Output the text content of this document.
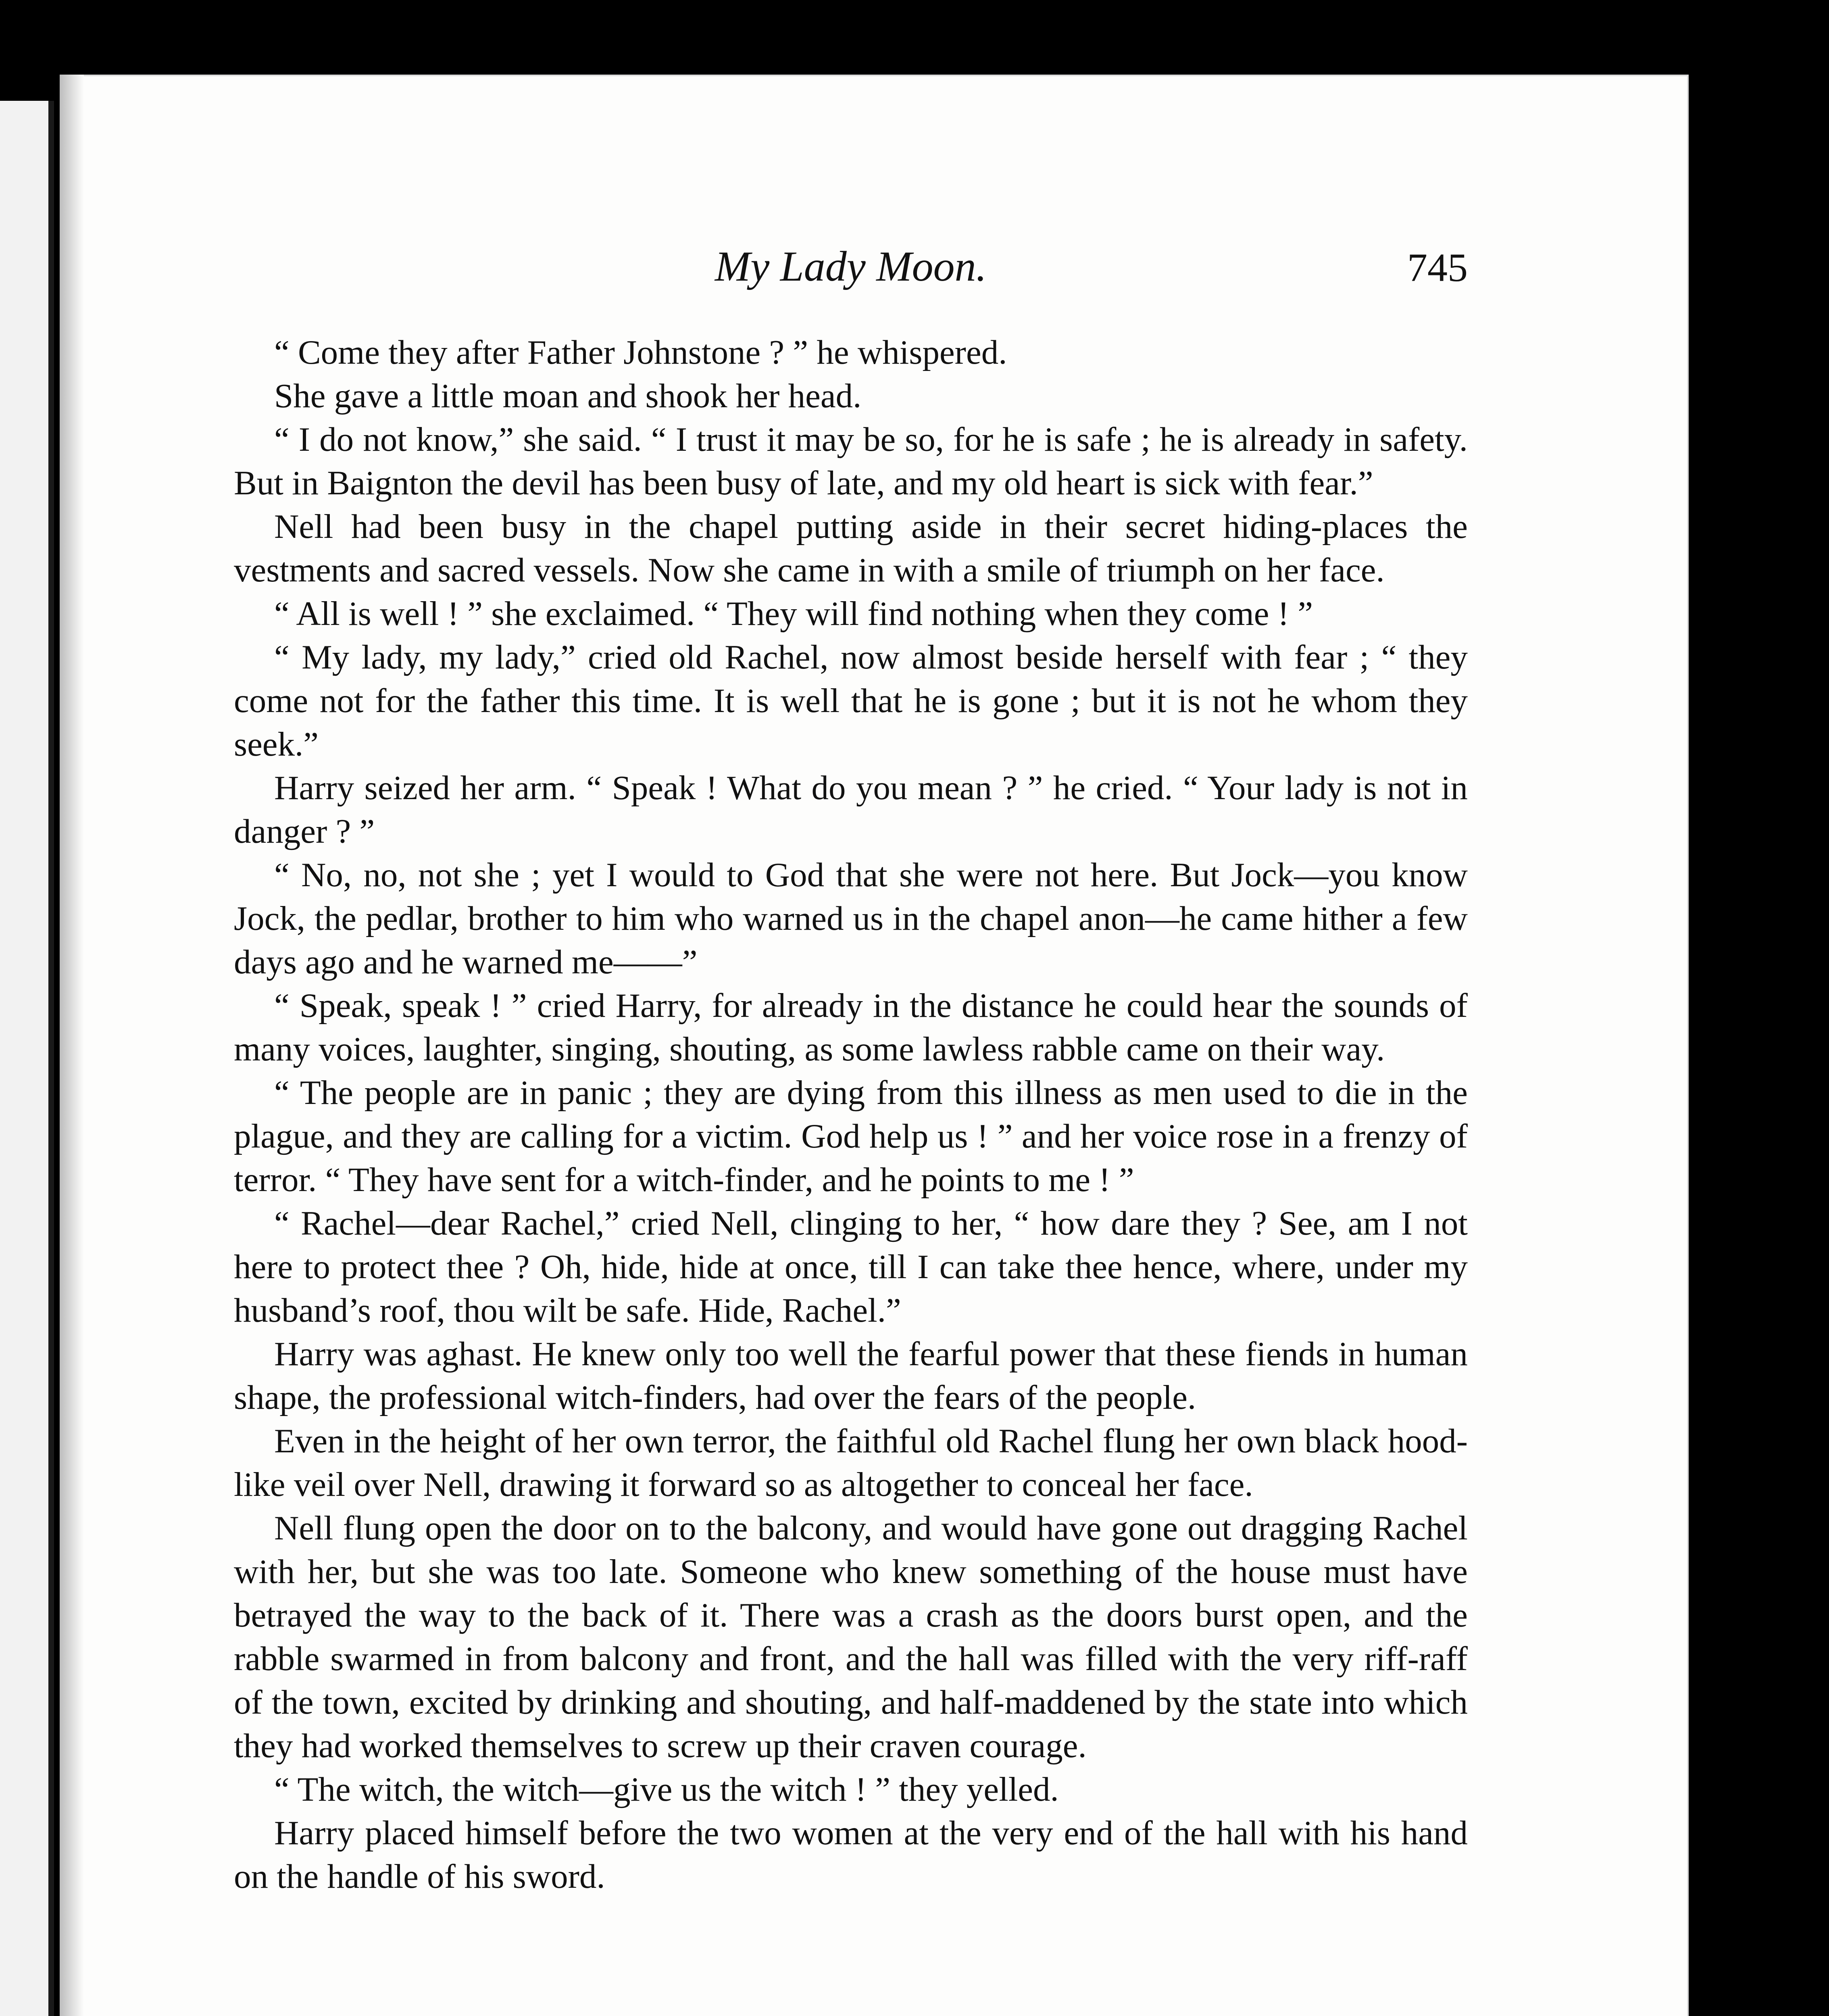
My Lady Moon.	745

“ Come they after Father Johnstone ? ” he whispered.

She gave a little moan and shook her head.

“ I do not know,” she said. “ I trust it may be so, for he is safe ; he is already in safety. But in Baignton the devil has been busy of late, and my old heart is sick with fear.”

Nell had been busy in the chapel putting aside in their secret hiding-places the vestments and sacred vessels. Now she came in with a smile of triumph on her face.

“ All is well ! ” she exclaimed. “ They will find nothing when they come ! ”

“ My lady, my lady,” cried old Rachel, now almost beside herself with fear ; “ they come not for the father this time. It is well that he is gone ; but it is not he whom they seek.”

Harry seized her arm. “ Speak ! What do you mean ? ” he cried. “ Your lady is not in danger ? ”

“ No, no, not she ; yet I would to God that she were not here. But Jock—you know Jock, the pedlar, brother to him who warned us in the chapel anon—he came hither a few days ago and he warned me——”

“ Speak, speak ! ” cried Harry, for already in the distance he could hear the sounds of many voices, laughter, singing, shouting, as some lawless rabble came on their way.

“ The people are in panic ; they are dying from this illness as men used to die in the plague, and they are calling for a victim. God help us ! ” and her voice rose in a frenzy of terror. “ They have sent for a witch-finder, and he points to me ! ”

“ Rachel—dear Rachel,” cried Nell, clinging to her, “ how dare they ? See, am I not here to protect thee ? Oh, hide, hide at once, till I can take thee hence, where, under my husband’s roof, thou wilt be safe. Hide, Rachel.”

Harry was aghast. He knew only too well the fearful power that these fiends in human shape, the professional witch-finders, had over the fears of the people.

Even in the height of her own terror, the faithful old Rachel flung her own black hood-like veil over Nell, drawing it forward so as altogether to conceal her face.

Nell flung open the door on to the balcony, and would have gone out dragging Rachel with her, but she was too late. Someone who knew something of the house must have betrayed the way to the back of it. There was a crash as the doors burst open, and the rabble swarmed in from balcony and front, and the hall was filled with the very riff-raff of the town, excited by drinking and shouting, and half-maddened by the state into which they had worked themselves to screw up their craven courage.

“ The witch, the witch—give us the witch ! ” they yelled.

Harry placed himself before the two women at the very end of the hall with his hand on the handle of his sword.
